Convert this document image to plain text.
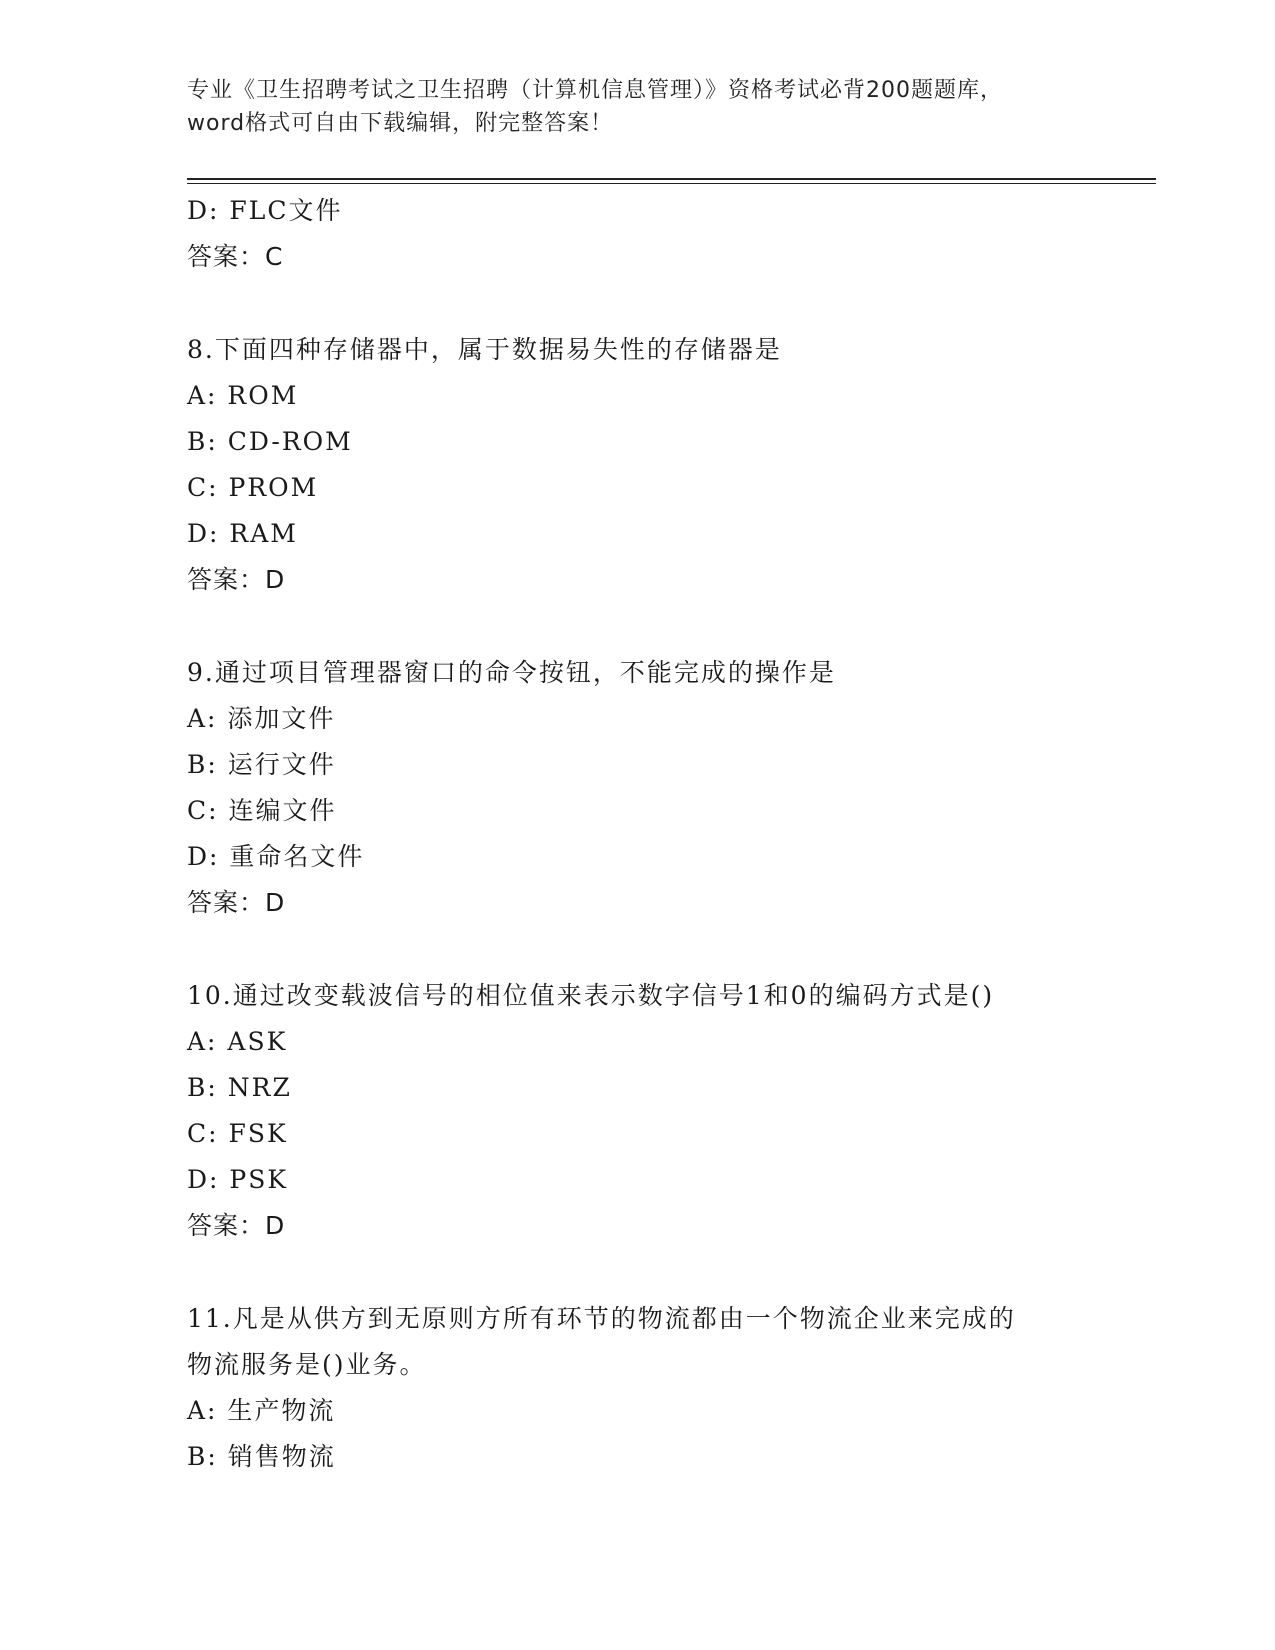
专业《卫生招聘考试之卫生招聘（计算机信息管理）》资格考试必背200题题库，
word格式可自由下载编辑，附完整答案！
D: FLC文件
答案：C
8.下面四种存储器中，属于数据易失性的存储器是
A: ROM
B: CD-ROM
C: PROM
D: RAM
答案：D
9.通过项目管理器窗口的命令按钮，不能完成的操作是
A: 添加文件
B: 运行文件
C: 连编文件
D: 重命名文件
答案：D
10.通过改变载波信号的相位值来表示数字信号1和0的编码方式是()
A: ASK
B: NRZ
C: FSK
D: PSK
答案：D
11.凡是从供方到无原则方所有环节的物流都由一个物流企业来完成的
物流服务是()业务。
A: 生产物流
B: 销售物流
